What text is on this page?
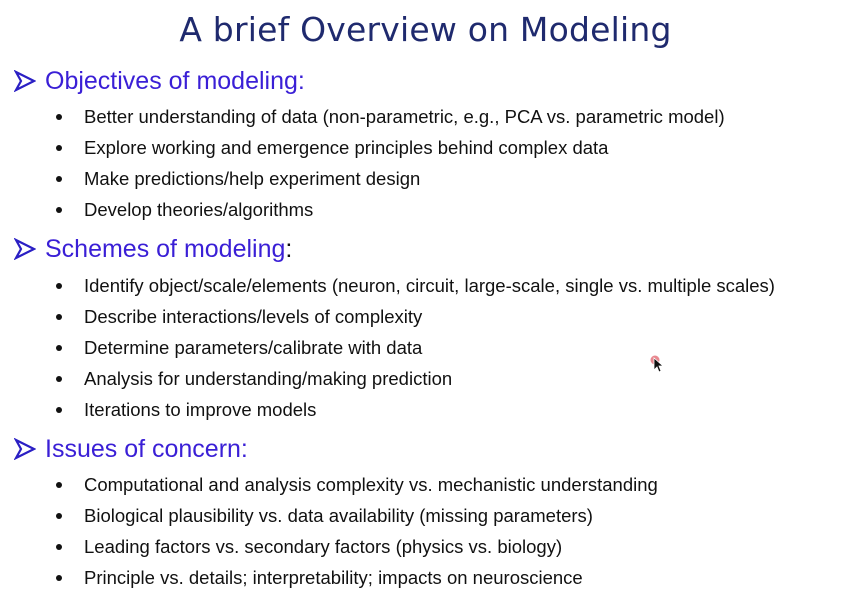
A brief Overview on Modeling
Objectives of modeling:
Better understanding of data (non-parametric, e.g., PCA vs. parametric model)
Explore working and emergence principles behind complex data
Make predictions/help experiment design
Develop theories/algorithms
Schemes of modeling :
Identify object/scale/elements (neuron, circuit, large-scale, single vs. multiple scales)
Describe interactions/levels of complexity
Determine parameters/calibrate with data
Analysis for understanding/making prediction
Iterations to improve models
Issues of concern:
Computational and analysis complexity vs. mechanistic understanding
Biological plausibility vs. data availability (missing parameters)
Leading factors vs. secondary factors (physics vs. biology)
Principle vs. details; interpretability; impacts on neuroscience
